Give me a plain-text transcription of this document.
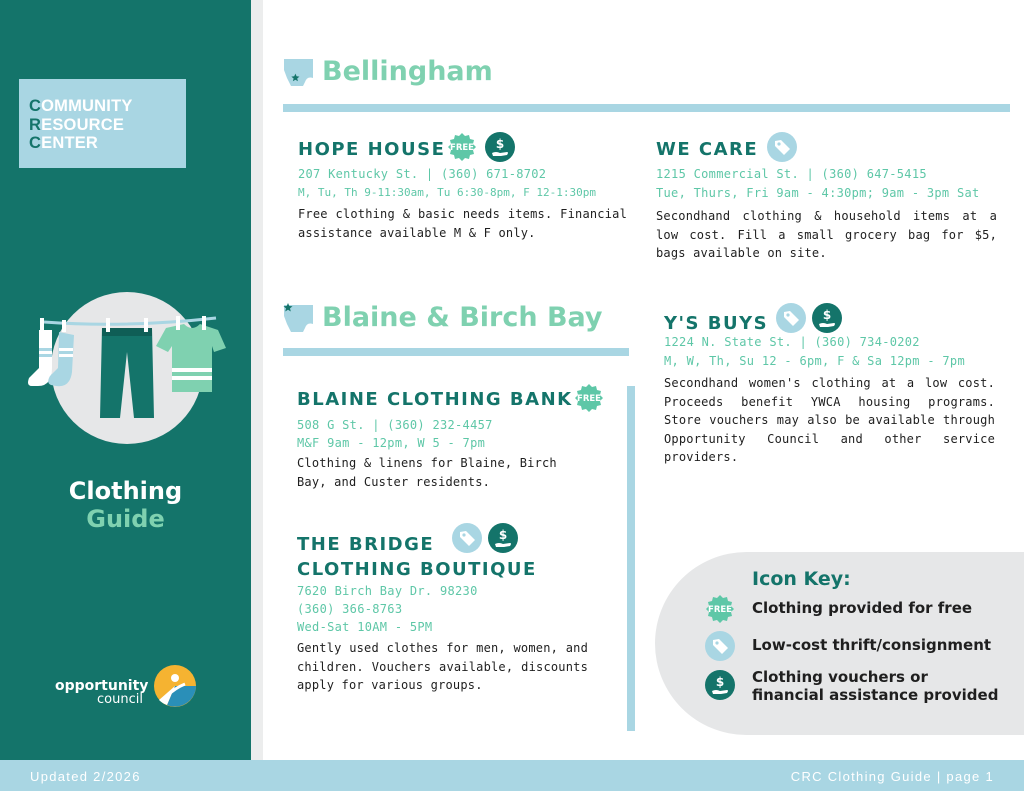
COMMUNITY
RESOURCE
CENTER
Clothing
Guide
opportunity
council
Bellingham
HOPE HOUSE FREE $
207 Kentucky St. | (360) 671-8702
M, Tu, Th 9-11:30am, Tu 6:30-8pm, F 12-1:30pm
Free clothing & basic needs items. Financial assistance available M & F only.
WE CARE
1215 Commercial St. | (360) 647-5415
Tue, Thurs, Fri 9am - 4:30pm; 9am - 3pm Sat
Secondhand clothing & household items at a low cost. Fill a small grocery bag for $5, bags available on site.
Blaine & Birch Bay
BLAINE CLOTHING BANK FREE
508 G St. | (360) 232-4457
M&F 9am - 12pm, W 5 - 7pm
Clothing & linens for Blaine, Birch Bay, and Custer residents.
THE BRIDGE
CLOTHING BOUTIQUE
$
7620 Birch Bay Dr. 98230
(360) 366-8763
Wed-Sat 10AM - 5PM
Gently used clothes for men, women, and children. Vouchers available, discounts apply for various groups.
Y'S BUYS	$
1224 N. State St. | (360) 734-0202
M, W, Th, Su 12 - 6pm, F & Sa 12pm - 7pm
Secondhand women's clothing at a low cost. Proceeds benefit YWCA housing programs. Store vouchers may also be available through Opportunity Council and other service providers.
Icon Key:
FREE Clothing provided for free
Low-cost thrift/consignment
$ Clothing vouchers or
financial assistance provided
Updated 2/2026	CRC Clothing Guide | page 1
